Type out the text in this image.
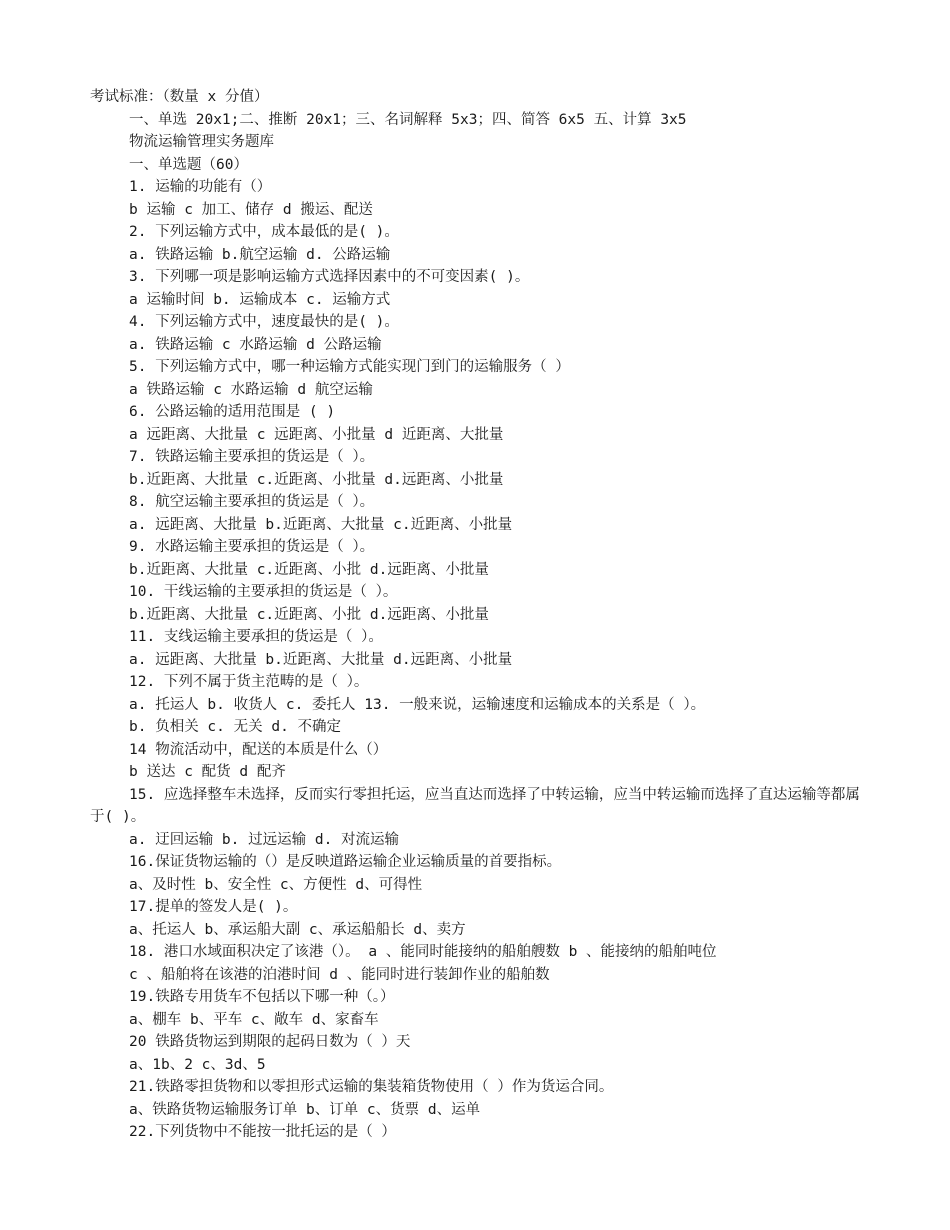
考试标准：（数量 x 分值）
一、单选 20x1;二、推断 20x1；三、名词解释 5x3；四、简答 6x5 五、计算 3x5
物流运输管理实务题库
一、单选题（60）
1. 运输的功能有（）
b 运输 c 加工、储存 d 搬运、配送
2. 下列运输方式中，成本最低的是( )。
a. 铁路运输 b.航空运输 d. 公路运输
3. 下列哪一项是影响运输方式选择因素中的不可变因素( )。
a 运输时间 b. 运输成本 c. 运输方式
4. 下列运输方式中，速度最快的是( )。
a. 铁路运输 c 水路运输 d 公路运输
5. 下列运输方式中，哪一种运输方式能实现门到门的运输服务（ ）
a 铁路运输 c 水路运输 d 航空运输
6. 公路运输的适用范围是 ( )
a 远距离、大批量 c 远距离、小批量 d 近距离、大批量
7. 铁路运输主要承担的货运是（ ）。
b.近距离、大批量 c.近距离、小批量 d.远距离、小批量
8. 航空运输主要承担的货运是（ ）。
a. 远距离、大批量 b.近距离、大批量 c.近距离、小批量
9. 水路运输主要承担的货运是（ ）。
b.近距离、大批量 c.近距离、小批 d.远距离、小批量
10. 干线运输的主要承担的货运是（ ）。
b.近距离、大批量 c.近距离、小批 d.远距离、小批量
11. 支线运输主要承担的货运是（ ）。
a. 远距离、大批量 b.近距离、大批量 d.远距离、小批量
12. 下列不属于货主范畴的是（ ）。
a. 托运人 b. 收货人 c. 委托人 13. 一般来说，运输速度和运输成本的关系是（ ）。
b. 负相关 c. 无关 d. 不确定
14 物流活动中，配送的本质是什么（）
b 送达 c 配货 d 配齐
15. 应选择整车未选择，反而实行零担托运，应当直达而选择了中转运输，应当中转运输而选择了直达运输等都属于( )。
a. 迂回运输 b. 过远运输 d. 对流运输
16.保证货物运输的（）是反映道路运输企业运输质量的首要指标。
a、及时性 b、安全性 c、方便性 d、可得性
17.提单的签发人是( )。
a、托运人 b、承运船大副 c、承运船船长 d、卖方
18. 港口水域面积决定了该港（）。 a 、能同时能接纳的船舶艘数 b 、能接纳的船舶吨位
c 、船舶将在该港的泊港时间 d 、能同时进行装卸作业的船舶数
19.铁路专用货车不包括以下哪一种（。）
a、棚车 b、平车 c、敞车 d、家畜车
20 铁路货物运到期限的起码日数为（ ）天
a、1b、2 c、3d、5
21.铁路零担货物和以零担形式运输的集装箱货物使用（ ）作为货运合同。
a、铁路货物运输服务订单 b、订单 c、货票 d、运单
22.下列货物中不能按一批托运的是（ ）
